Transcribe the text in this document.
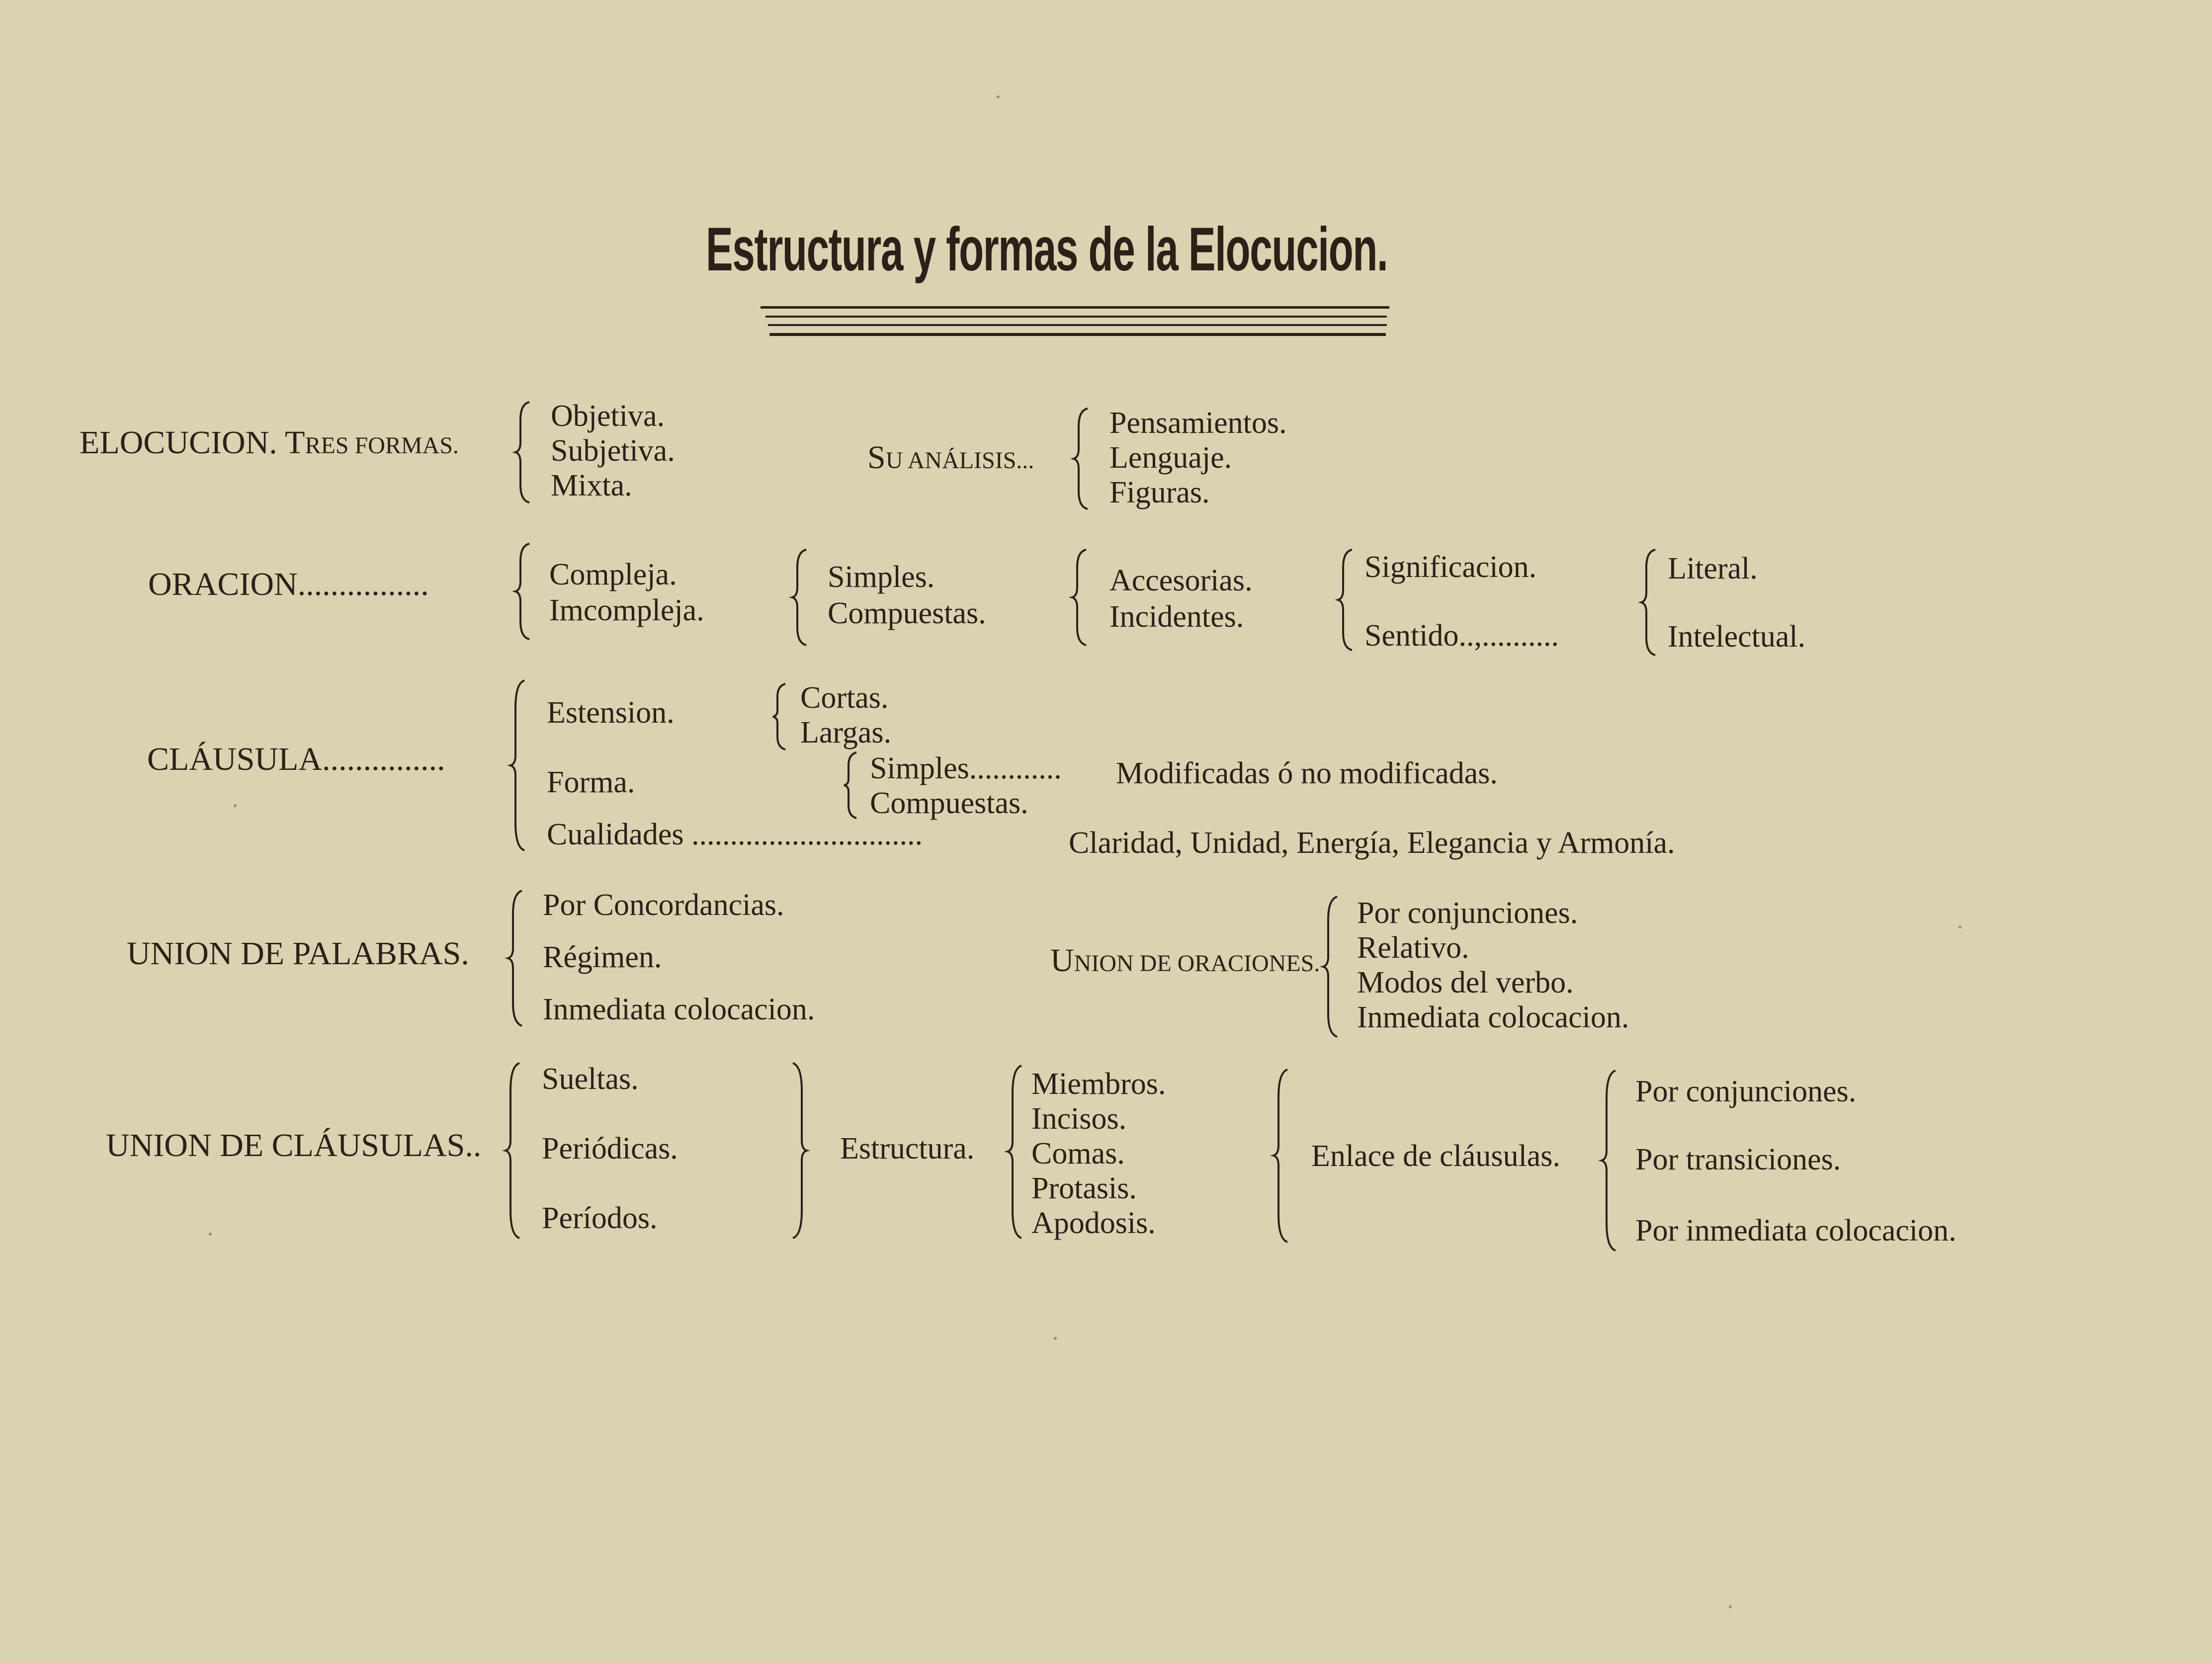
Estructura y formas de la Elocucion.
ELOCUCION. TRES FORMAS.
Objetiva.
Subjetiva.
Mixta.
SU ANÁLISIS...
Pensamientos.
Lenguaje.
Figuras.
ORACION................	Compleja.
Imcompleja.
Simples.
Compuestas.
Accesorias.
Incidentes.
Significacion.
Sentido..,..........
Literal.
Intelectual.
CLÁUSULA...............
Estension.	Cortas.
Largas.
Forma.	Simples............ Modificadas ó no modificadas.
Compuestas.
Cualidades ..............................	Claridad, Unidad, Energía, Elegancia y Armonía.
UNION DE PALABRAS.
Por Concordancias.
Régimen.
Inmediata colocacion.
UNION DE ORACIONES.
Por conjunciones.
Relativo.
Modos del verbo.
Inmediata colocacion.
UNION DE CLÁUSULAS..
Sueltas.
Periódicas.
Períodos.
Estructura.
Miembros.
Incisos.
Comas.
Protasis.
Apodosis.
Enlace de cláusulas.
Por conjunciones.
Por transiciones.
Por inmediata colocacion.
